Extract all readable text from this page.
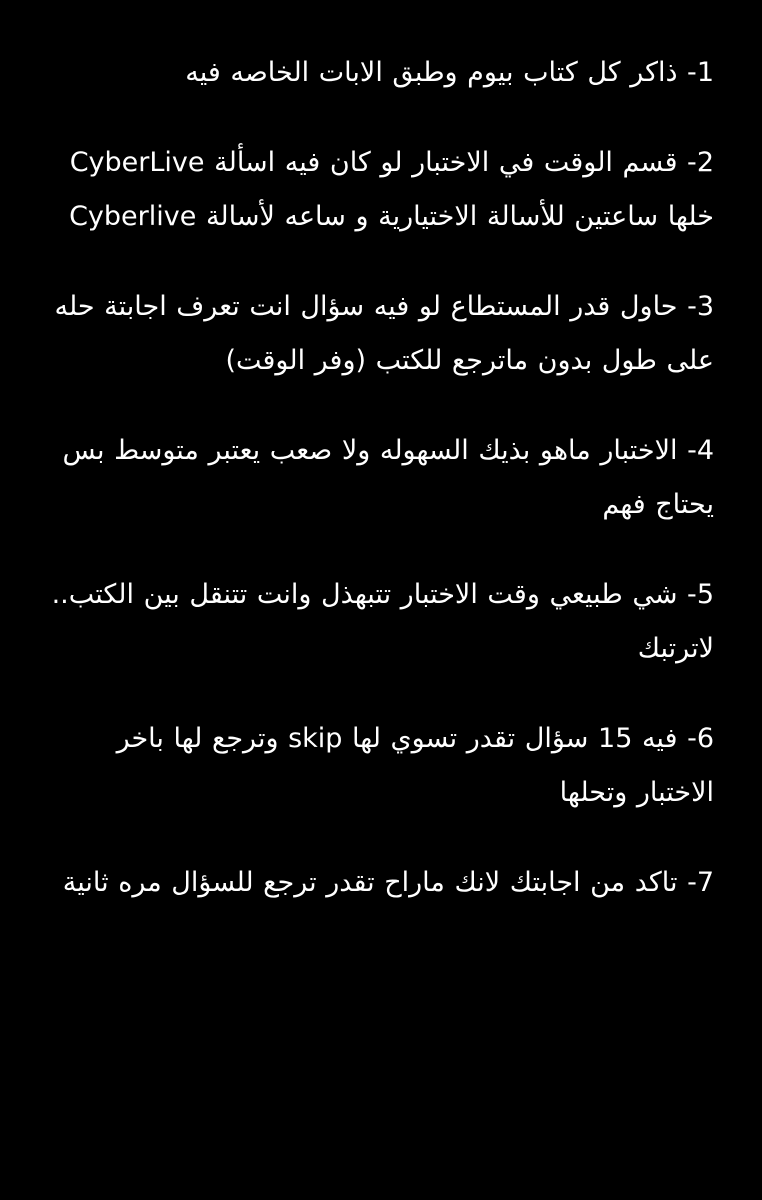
1- ذاكر كل كتاب بيوم وطبق الابات الخاصه فيه

2- قسم الوقت في الاختبار لو كان فيه اسألة CyberLive خلها ساعتين للأسالة الاختيارية و ساعه لأسالة Cyberlive

3- حاول قدر المستطاع لو فيه سؤال انت تعرف اجابتة حله على طول بدون ماترجع للكتب (وفر الوقت)

4- الاختبار ماهو بذيك السهوله ولا صعب يعتبر متوسط بس يحتاج فهم

5- شي طبيعي وقت الاختبار تتبهذل وانت تتنقل بين الكتب.. لاترتبك

6- فيه 15 سؤال تقدر تسوي لها skip وترجع لها باخر الاختبار وتحلها

7- تاكد من اجابتك لانك ماراح تقدر ترجع للسؤال مره ثانية
